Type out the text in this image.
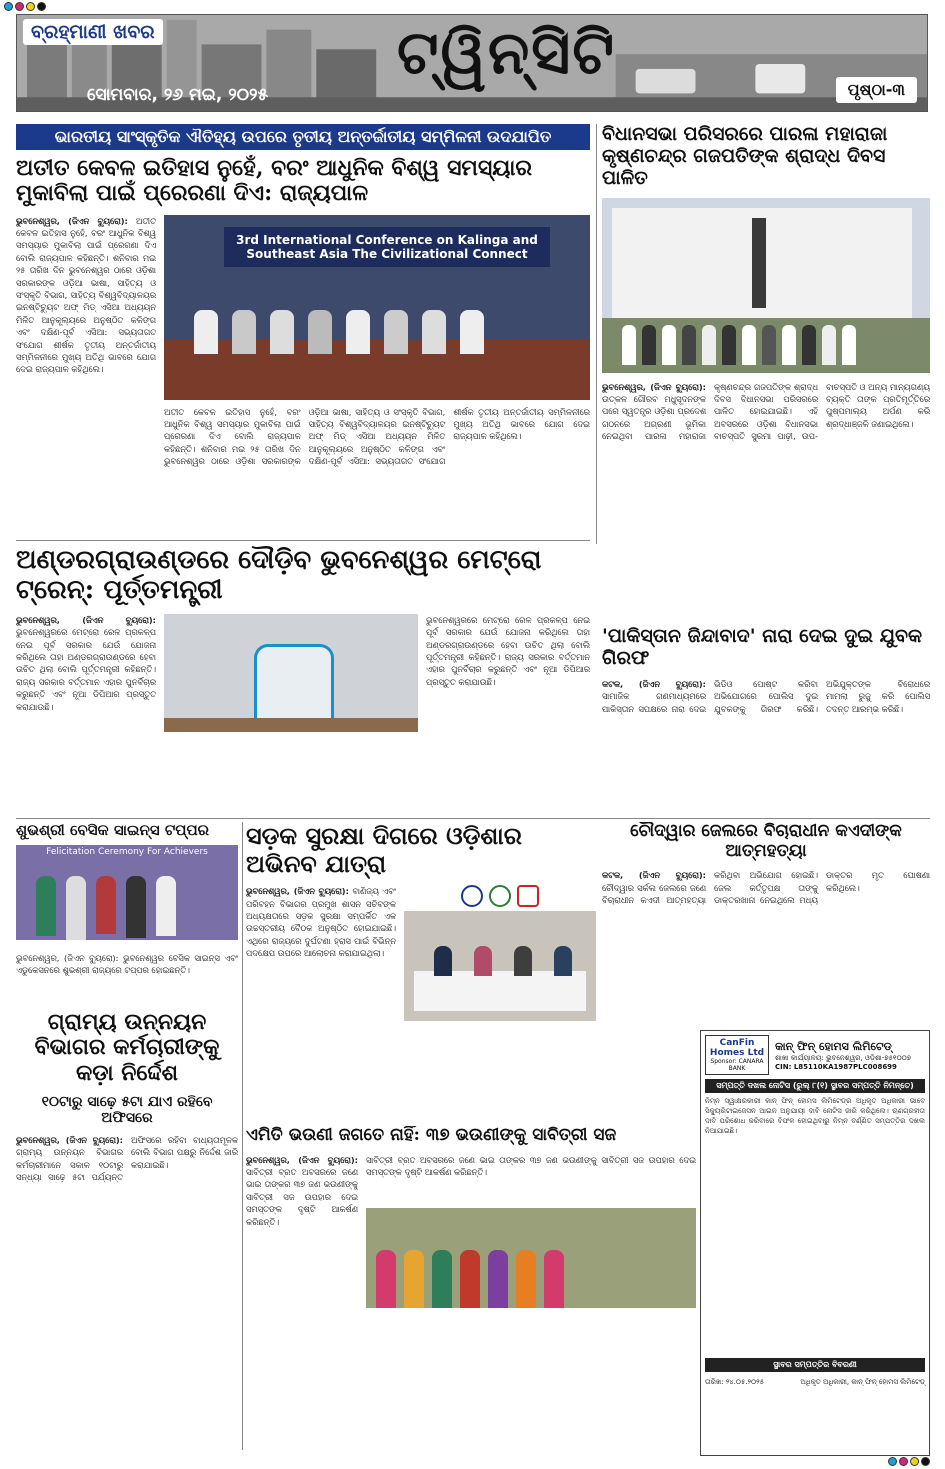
ବ୍ରହ୍ମାଣୀ ଖବର	ଟ୍ୱିନ୍‌ସିଟି
ସୋମବାର, ୨୬ ମଇ, ୨୦୨୫	ପୃଷ୍ଠା-୩
ଭାରତୀୟ ସାଂସ୍କୃତିକ ଐତିହ୍ୟ ଉପରେ ତୃତୀୟ ଅନ୍ତର୍ଜାତୀୟ ସମ୍ମିଳନୀ ଉଦଯାପିତ
ଅତୀତ କେବଳ ଇତିହାସ ନୁହେଁ, ବରଂ ଆଧୁନିକ ବିଶ୍ୱ ସମସ୍ୟାର ମୁକାବିଲା ପାଇଁ ପ୍ରେରଣା ଦିଏ: ରାଜ୍ୟପାଳ
ଭୁବନେଶ୍ୱର, (ଜିଏନ ବ୍ୟୁରୋ): ଅତୀତ କେବଳ ଇତିହାସ ନୁହେଁ, ବରଂ ଆଧୁନିକ ବିଶ୍ୱ ସମସ୍ୟାର ମୁକାବିଲା ପାଇଁ ପ୍ରେରଣା ଦିଏ ବୋଲି ରାଜ୍ୟପାଳ କହିଛନ୍ତି। ଶନିବାର ମଇ ୨୫ ତାରିଖ ଦିନ ଭୁବନେଶ୍ୱର ଠାରେ ଓଡ଼ିଶା ସରକାରଙ୍କ ଓଡ଼ିଆ ଭାଷା, ସାହିତ୍ୟ ଓ ସଂସ୍କୃତି ବିଭାଗ, ସାହିତ୍ୟ ବିଶ୍ୱବିଦ୍ୟାଳୟର ଇନଷ୍ଟିଚ୍ୟୁଟ ଅଫ୍ ମିଡ୍ ଏସିଆ ଅଧ୍ୟୟନ ମିଳିତ ଆନୁକୂଲ୍ୟରେ ଅନୁଷ୍ଠିତ କଳିଙ୍ଗ ଏବଂ ଦକ୍ଷିଣ-ପୂର୍ବ ଏସିଆ: ସଭ୍ୟତାଗତ ସଂଯୋଗ ଶୀର୍ଷକ ତୃତୀୟ ଅନ୍ତର୍ଜାତୀୟ ସମ୍ମିଳନୀରେ ମୁଖ୍ୟ ଅତିଥି ଭାବରେ ଯୋଗ ଦେଇ ରାଜ୍ୟପାଳ କହିଥିଲେ।
3rd International Conference on Kalinga and Southeast Asia The Civilizational Connect
ଅତୀତ କେବଳ ଇତିହାସ ନୁହେଁ, ବରଂ ଆଧୁନିକ ବିଶ୍ୱ ସମସ୍ୟାର ମୁକାବିଲା ପାଇଁ ପ୍ରେରଣା ଦିଏ ବୋଲି ରାଜ୍ୟପାଳ କହିଛନ୍ତି। ଶନିବାର ମଇ ୨୫ ତାରିଖ ଦିନ ଭୁବନେଶ୍ୱର ଠାରେ ଓଡ଼ିଶା ସରକାରଙ୍କ ଓଡ଼ିଆ ଭାଷା, ସାହିତ୍ୟ ଓ ସଂସ୍କୃତି ବିଭାଗ, ସାହିତ୍ୟ ବିଶ୍ୱବିଦ୍ୟାଳୟର ଇନଷ୍ଟିଚ୍ୟୁଟ ଅଫ୍ ମିଡ୍ ଏସିଆ ଅଧ୍ୟୟନ ମିଳିତ ଆନୁକୂଲ୍ୟରେ ଅନୁଷ୍ଠିତ କଳିଙ୍ଗ ଏବଂ ଦକ୍ଷିଣ-ପୂର୍ବ ଏସିଆ: ସଭ୍ୟତାଗତ ସଂଯୋଗ ଶୀର୍ଷକ ତୃତୀୟ ଅନ୍ତର୍ଜାତୀୟ ସମ୍ମିଳନୀରେ ମୁଖ୍ୟ ଅତିଥି ଭାବରେ ଯୋଗ ଦେଇ ରାଜ୍ୟପାଳ କହିଥିଲେ।
ବିଧାନସଭା ପରିସରରେ ପାରଳା ମହାରାଜା କୃଷ୍ଣଚନ୍ଦ୍ର ଗଜପତିଙ୍କ ଶ୍ରାଦ୍ଧ ଦିବସ ପାଳିତ
ଭୁବନେଶ୍ୱର, (ଜିଏନ ବ୍ୟୁରୋ): ଉତ୍କଳ ଗୌରବ ମଧୁସୂଦନଙ୍କ ପରେ ସ୍ୱତନ୍ତ୍ର ଓଡ଼ିଶା ପ୍ରଦେଶ ଗଠନରେ ଅଗ୍ରଣୀ ଭୂମିକା ନେଇଥିବା ପାରଳା ମହାରାଜା କୃଷ୍ଣଚନ୍ଦ୍ର ଗଜପତିଙ୍କ ଶ୍ରାଦ୍ଧ ଦିବସ ବିଧାନସଭା ପରିସରରେ ପାଳିତ ହୋଇଯାଇଛି। ଏହି ଅବସରରେ ଓଡ଼ିଶା ବିଧାନସଭା ବାଚସ୍ପତି ସୁରମା ପାଢ଼ୀ, ଉପ-ବାଚସ୍ପତି ଓ ଅନ୍ୟ ମାନ୍ୟଗଣ୍ୟ ବ୍ୟକ୍ତି ତାଙ୍କ ପ୍ରତିମୂର୍ତ୍ତିରେ ପୁଷ୍ପମାଲ୍ୟ ଅର୍ପଣ କରି ଶ୍ରଦ୍ଧାଞ୍ଜଳି ଜଣାଇଥିଲେ।
ଅଣ୍ଡରଗ୍ରାଉଣ୍ଡରେ ଦୌଡ଼ିବ ଭୁବନେଶ୍ୱର ମେଟ୍ରୋ ଟ୍ରେନ୍: ପୂର୍ତ୍ତମନ୍ତ୍ରୀ
ଭୁବନେଶ୍ୱର, (ଜିଏନ ବ୍ୟୁରୋ): ଭୁବନେଶ୍ୱରରେ ମେଟ୍ରୋ ରେଳ ପ୍ରକଳ୍ପ ନେଇ ପୂର୍ବ ସରକାର ଯେଉଁ ଯୋଜନା କରିଥିଲେ ତାହା ଅଣ୍ଡରଗ୍ରାଉଣ୍ଡରେ ହେବା ଉଚିତ ଥିଲା ବୋଲି ପୂର୍ତ୍ତମନ୍ତ୍ରୀ କହିଛନ୍ତି। ରାଜ୍ୟ ସରକାର ବର୍ତ୍ତମାନ ଏହାର ପୁନର୍ବିଚାର କରୁଛନ୍ତି ଏବଂ ନୂଆ ଡିପିଆର ପ୍ରସ୍ତୁତ କରାଯାଉଛି।
ଭୁବନେଶ୍ୱରରେ ମେଟ୍ରୋ ରେଳ ପ୍ରକଳ୍ପ ନେଇ ପୂର୍ବ ସରକାର ଯେଉଁ ଯୋଜନା କରିଥିଲେ ତାହା ଅଣ୍ଡରଗ୍ରାଉଣ୍ଡରେ ହେବା ଉଚିତ ଥିଲା ବୋଲି ପୂର୍ତ୍ତମନ୍ତ୍ରୀ କହିଛନ୍ତି। ରାଜ୍ୟ ସରକାର ବର୍ତ୍ତମାନ ଏହାର ପୁନର୍ବିଚାର କରୁଛନ୍ତି ଏବଂ ନୂଆ ଡିପିଆର ପ୍ରସ୍ତୁତ କରାଯାଉଛି।
'ପାକିସ୍ତାନ ଜିନ୍ଦାବାଦ' ନାରା ଦେଇ ଦୁଇ ଯୁବକ ଗିରଫ
କଟକ, (ଜିଏନ ବ୍ୟୁରୋ): ସାମାଜିକ ଗଣମାଧ୍ୟମରେ ପାକିସ୍ତାନ ସପକ୍ଷରେ ନାରା ଦେଇ ଭିଡିଓ ପୋଷ୍ଟ କରିବା ଅଭିଯୋଗରେ ପୋଲିସ ଦୁଇ ଯୁବକଙ୍କୁ ଗିରଫ କରିଛି। ଅଭିଯୁକ୍ତଙ୍କ ବିରୋଧରେ ମାମଲା ରୁଜୁ କରି ପୋଲିସ ତଦନ୍ତ ଆରମ୍ଭ କରିଛି।
ଶୁଭଶ୍ରୀ ବେସିକ ସାଇନ୍ସ ଟପ୍‌ପର
Felicitation Ceremony For Achievers
ଭୁବନେଶ୍ୱର, (ଜିଏନ ବ୍ୟୁରୋ): ଭୁବନେଶ୍ୱର ବେସିକ ସାଇନ୍ସ ଏବଂ ଏଡୁକେସନରେ ଶୁଭଶ୍ରୀ ରାଜ୍ୟରେ ଟପ୍‌ପର ହୋଇଛନ୍ତି।
ସଡ଼କ ସୁରକ୍ଷା ଦିଗରେ ଓଡ଼ିଶାର ଅଭିନବ ଯାତ୍ରା
ଭୁବନେଶ୍ୱର, (ଜିଏନ ବ୍ୟୁରୋ): ବାଣିଜ୍ୟ ଏବଂ ପରିବହନ ବିଭାଗର ପ୍ରମୁଖ ଶାସନ ସଚିବଙ୍କ ଅଧ୍ୟକ୍ଷତାରେ ସଡ଼କ ସୁରକ୍ଷା ସମ୍ପର୍କିତ ଏକ ଉଚ୍ଚସ୍ତରୀୟ ବୈଠକ ଅନୁଷ୍ଠିତ ହୋଇଯାଇଛି। ଏଥିରେ ରାଜ୍ୟରେ ଦୁର୍ଘଟଣା ହ୍ରାସ ପାଇଁ ବିଭିନ୍ନ ପଦକ୍ଷେପ ଉପରେ ଆଲୋଚନା କରାଯାଇଥିଲା।
ଚୌଦ୍ୱାର ଜେଲରେ ବିଚାରାଧୀନ କଏଦୀଙ୍କ ଆତ୍ମହତ୍ୟା
କଟକ, (ଜିଏନ ବ୍ୟୁରୋ): ଚୌଦ୍ୱାର ସର୍କଲ ଜେଲରେ ଜଣେ ବିଚାରାଧୀନ କଏଦୀ ଆତ୍ମହତ୍ୟା କରିଥିବା ଅଭିଯୋଗ ହୋଇଛି। ଜେଲ କର୍ତ୍ତୃପକ୍ଷ ତାଙ୍କୁ ଡାକ୍ତରଖାନା ନେଇଥିଲେ ମଧ୍ୟ ଡାକ୍ତର ମୃତ ଘୋଷଣା କରିଥିଲେ।
ଗ୍ରାମ୍ୟ ଉନ୍ନୟନ ବିଭାଗର କର୍ମଚାରୀଙ୍କୁ କଡ଼ା ନିର୍ଦ୍ଦେଶ
୧୦ଟାରୁ ସାଢ଼େ ୫ଟା ଯାଏ ରହିବେ ଅଫିସରେ
ଭୁବନେଶ୍ୱର, (ଜିଏନ ବ୍ୟୁରୋ): ଗ୍ରାମ୍ୟ ଉନ୍ନୟନ ବିଭାଗର କର୍ମଚାରୀମାନେ ସକାଳ ୧୦ଟାରୁ ସନ୍ଧ୍ୟା ସାଢ଼େ ୫ଟା ପର୍ଯ୍ୟନ୍ତ ଅଫିସରେ ରହିବା ବାଧ୍ୟତାମୂଳକ ବୋଲି ବିଭାଗ ପକ୍ଷରୁ ନିର୍ଦ୍ଦେଶ ଜାରି କରାଯାଇଛି।
ଏମିତି ଭଉଣୀ ଜଗତେ ନାହିଁ: ୩୭ ଭଉଣୀଙ୍କୁ ସାବିତ୍ରୀ ସଜ
ଭୁବନେଶ୍ୱର, (ଜିଏନ ବ୍ୟୁରୋ): ସାବିତ୍ରୀ ବ୍ରତ ଅବସରରେ ଜଣେ ଭାଇ ତାଙ୍କର ୩୭ ଜଣ ଭଉଣୀଙ୍କୁ ସାବିତ୍ରୀ ସଜ ଉପହାର ଦେଇ ସମସ୍ତଙ୍କ ଦୃଷ୍ଟି ଆକର୍ଷଣ କରିଛନ୍ତି।
ସାବିତ୍ରୀ ବ୍ରତ ଅବସରରେ ଜଣେ ଭାଇ ତାଙ୍କର ୩୭ ଜଣ ଭଉଣୀଙ୍କୁ ସାବିତ୍ରୀ ସଜ ଉପହାର ଦେଇ ସମସ୍ତଙ୍କ ଦୃଷ୍ଟି ଆକର୍ଷଣ କରିଛନ୍ତି।
CanFin Homes Ltd
Sponsor: CANARA BANK
କାନ୍ ଫିନ୍ ହୋମସ ଲିମିଟେଡ୍
ଶାଖା କାର୍ଯ୍ୟାଳୟ: ଭୁବନେଶ୍ୱର, ଓଡ଼ିଶା-୭୫୧୦୦୭
CIN: L85110KA1987PLC008699
ସମ୍ପତ୍ତି ଦଖଲ ନୋଟିସ (ରୁଲ୍ ୮(୧) ସ୍ଥାବର ସମ୍ପତ୍ତି ନିମନ୍ତେ)
ନିମ୍ନ ସ୍ୱାକ୍ଷରକାରୀ କାନ୍ ଫିନ୍ ହୋମସ ଲିମିଟେଡ୍‌ର ଅଧିକୃତ ଅଧିକାରୀ ଭାବେ ସିକ୍ୟୁରିଟାଇଜେସନ ଆଇନ ଅନୁଯାୟୀ ଦାବି ନୋଟିସ ଜାରି କରିଥିଲେ। ଋଣଗ୍ରହୀତା ଦାବି ପରିଶୋଧ କରିବାରେ ବିଫଳ ହୋଇଥିବାରୁ ନିମ୍ନ ବର୍ଣ୍ଣିତ ସମ୍ପତ୍ତିର ଦଖଲ ନିଆଯାଇଛି।
ସ୍ଥାବର ସମ୍ପତ୍ତିର ବିବରଣୀ
ତାରିଖ: ୨୪.୦୫.୨୦୨୫	ଅଧିକୃତ ଅଧିକାରୀ, କାନ୍ ଫିନ୍ ହୋମସ ଲିମିଟେଡ୍
